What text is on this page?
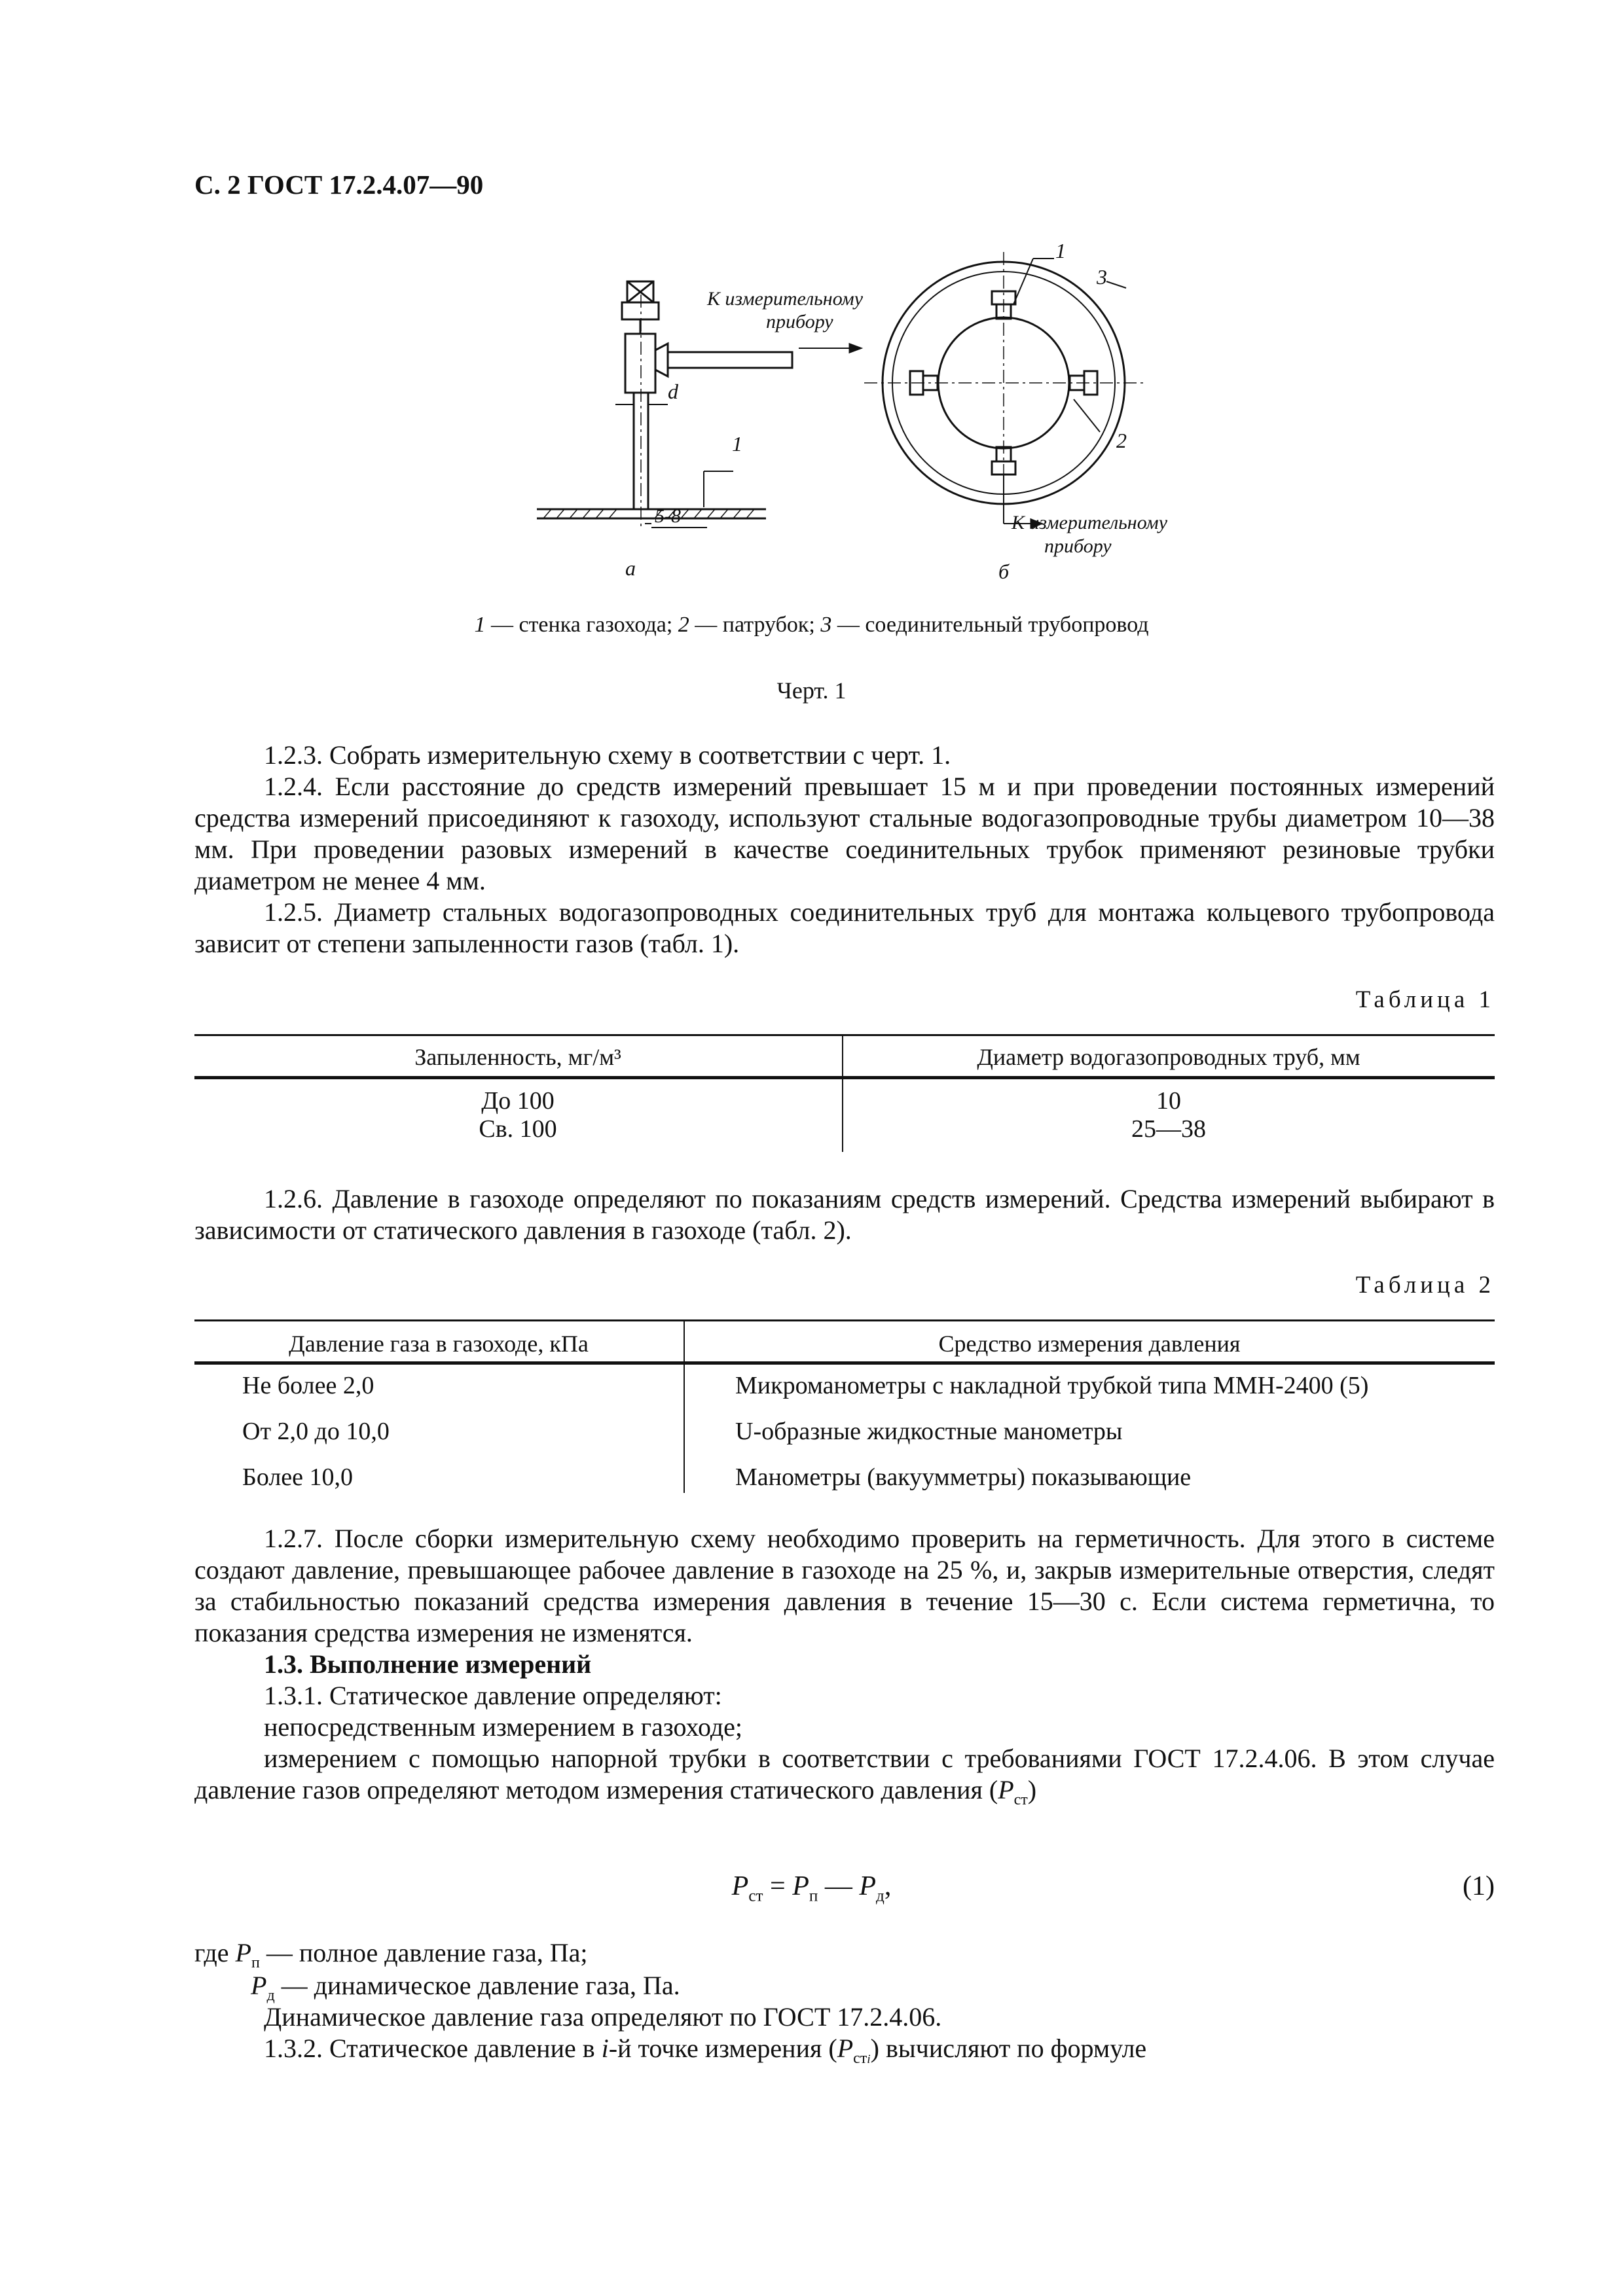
С. 2 ГОСТ 17.2.4.07—90
К измерительному
прибору
d
1
5-8
а
1
3
2
К измерительному
прибору
б
1 — стенка газохода; 2 — патрубок; 3 — соединительный трубопровод
Черт. 1
1.2.3. Собрать измерительную схему в соответствии с черт. 1.
1.2.4. Если расстояние до средств измерений превышает 15 м и при проведении постоянных измерений средства измерений присоединяют к газоходу, используют стальные водогазопроводные трубы диаметром 10—38 мм. При проведении разовых измерений в качестве соединительных трубок применяют резиновые трубки диаметром не менее 4 мм.
1.2.5. Диаметр стальных водогазопроводных соединительных труб для монтажа кольцевого трубопровода зависит от степени запыленности газов (табл. 1).
Таблица 1
Запыленность, мг/м³	Диаметр водогазопроводных труб, мм
До 100	10
Св. 100	25—38
1.2.6. Давление в газоходе определяют по показаниям средств измерений. Средства измерений выбирают в зависимости от статического давления в газоходе (табл. 2).
Таблица 2
Давление газа в газоходе, кПа	Средство измерения давления
Не более 2,0	Микроманометры с накладной трубкой типа ММН-2400 (5)
От 2,0 до 10,0	U-образные жидкостные манометры
Более 10,0	Манометры (вакуумметры) показывающие
1.2.7. После сборки измерительную схему необходимо проверить на герметичность. Для этого в системе создают давление, превышающее рабочее давление в газоходе на 25 %, и, закрыв измерительные отверстия, следят за стабильностью показаний средства измерения давления в течение 15—30 с. Если система герметична, то показания средства измерения не изменятся.
1.3. Выполнение измерений
1.3.1. Статическое давление определяют:
непосредственным измерением в газоходе;
измерением с помощью напорной трубки в соответствии с требованиями ГОСТ 17.2.4.06. В этом случае давление газов определяют методом измерения статического давления $(P_{ст})$
$P_{ст} = P_п$ — $P_д$,	(1)
где $P_п$ — полное давление газа, Па;
$P_д$ — динамическое давление газа, Па.
Динамическое давление газа определяют по ГОСТ 17.2.4.06.
1.3.2. Статическое давление в i-й точке измерения $(P_{стi})$ вычисляют по формуле
